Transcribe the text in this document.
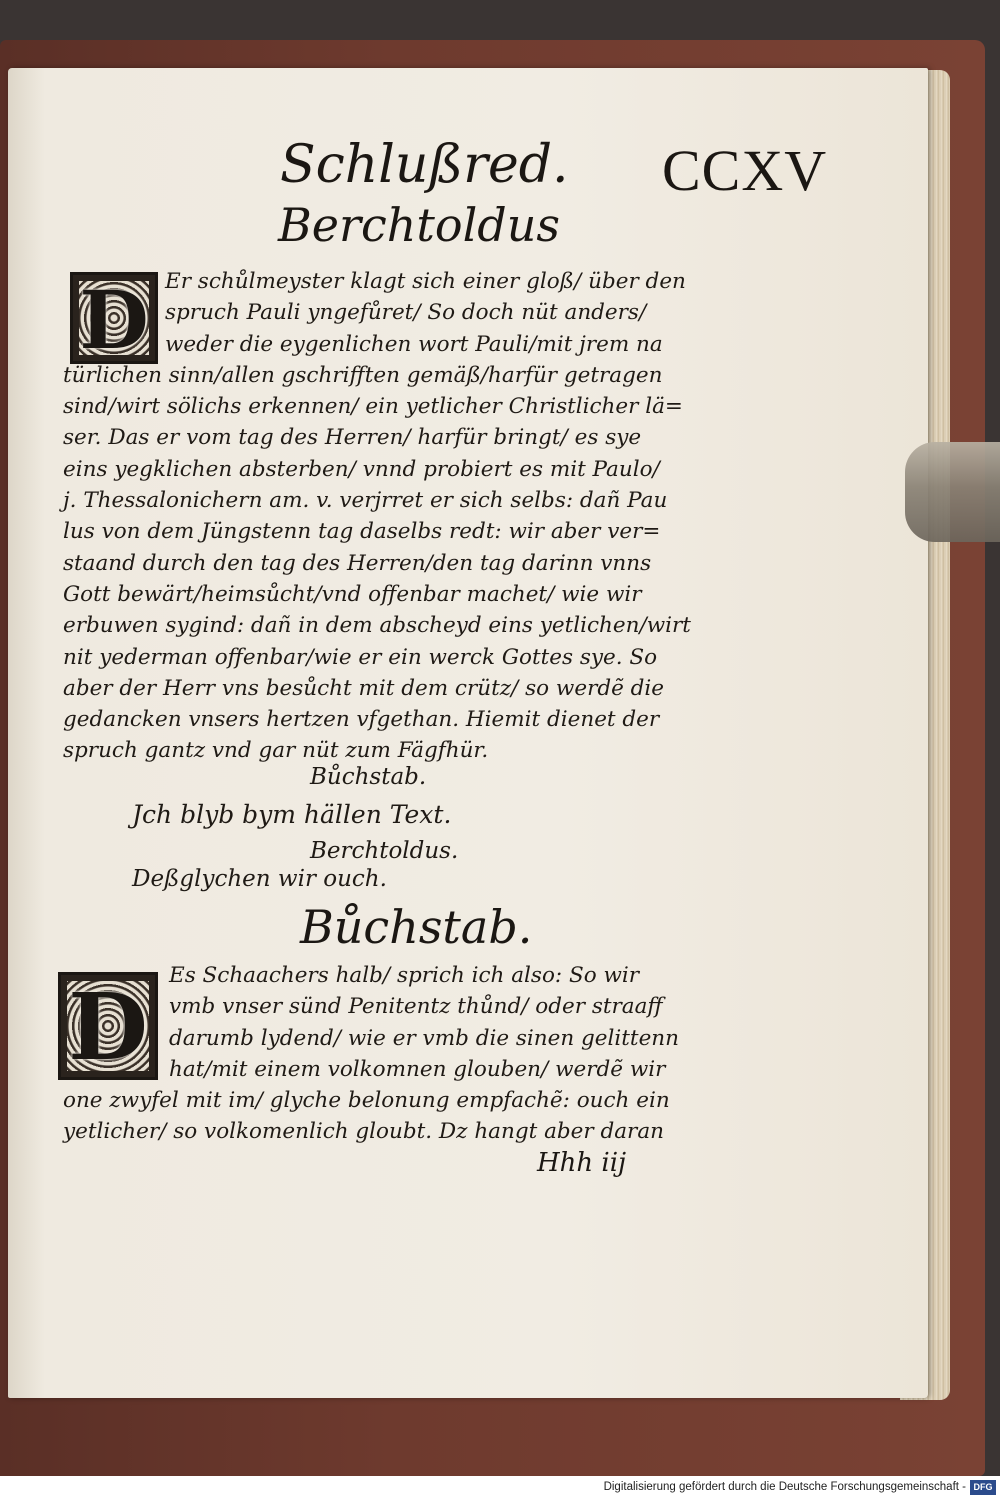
Schlußred. CCXV
Berchtoldus
D Er schůlmeyster klagt sich einer gloß/ über den
spruch Pauli yngefůret/ So doch nüt anders/
weder die eygenlichen wort Pauli/mit jrem na
türlichen sinn/allen gschrifften gemäß/harfür getragen
sind/wirt sölichs erkennen/ ein yetlicher Christlicher lä=
ser. Das er vom tag des Herren/ harfür bringt/ es sye
eins yegklichen absterben/ vnnd probiert es mit Paulo/
j. Thessalonichern am. v. verjrret er sich selbs: dañ Pau
lus von dem Jüngstenn tag daselbs redt: wir aber ver=
staand durch den tag des Herren/den tag darinn vnns
Gott bewärt/heimsůcht/vnd offenbar machet/ wie wir
erbuwen sygind: dañ in dem abscheyd eins yetlichen/wirt
nit yederman offenbar/wie er ein werck Gottes sye. So
aber der Herr vns besůcht mit dem crütz/ so werdẽ die
gedancken vnsers hertzen vfgethan. Hiemit dienet der
spruch gantz vnd gar nüt zum Fägfhür.
Bůchstab.
Jch blyb bym hällen Text.
Berchtoldus.
Deßglychen wir ouch.
Bůchstab.
D Es Schaachers halb/ sprich ich also: So wir
vmb vnser sünd Penitentz thůnd/ oder straaff
darumb lydend/ wie er vmb die sinen gelittenn
hat/mit einem volkomnen glouben/ werdẽ wir
one zwyfel mit im/ glyche belonung empfachẽ: ouch ein
yetlicher/ so volkomenlich gloubt. Dz hangt aber daran
Hhh iij
Digitalisierung gefördert durch die Deutsche Forschungsgemeinschaft - DFG
